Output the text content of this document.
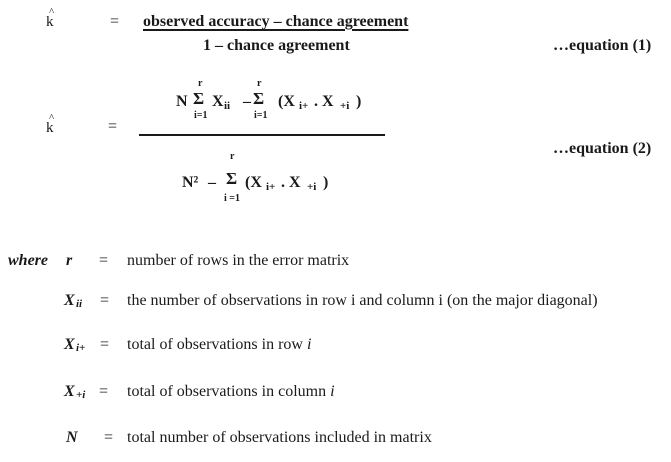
^
k	= observed accuracy – chance agreement
1 – chance agreement	…equation (1)
^
k	=
N
r
Σ
i=1
X ii –
r
Σ
i=1
(X i+ . X +i )
r
N² – Σ
i =1
(X i+ . X +i )
…equation (2)
where r = number of rows in the error matrix
X ii = the number of observations in row i and column i (on the major diagonal)
X i+ = total of observations in row i
X +i = total of observations in column i
N = total number of observations included in matrix
